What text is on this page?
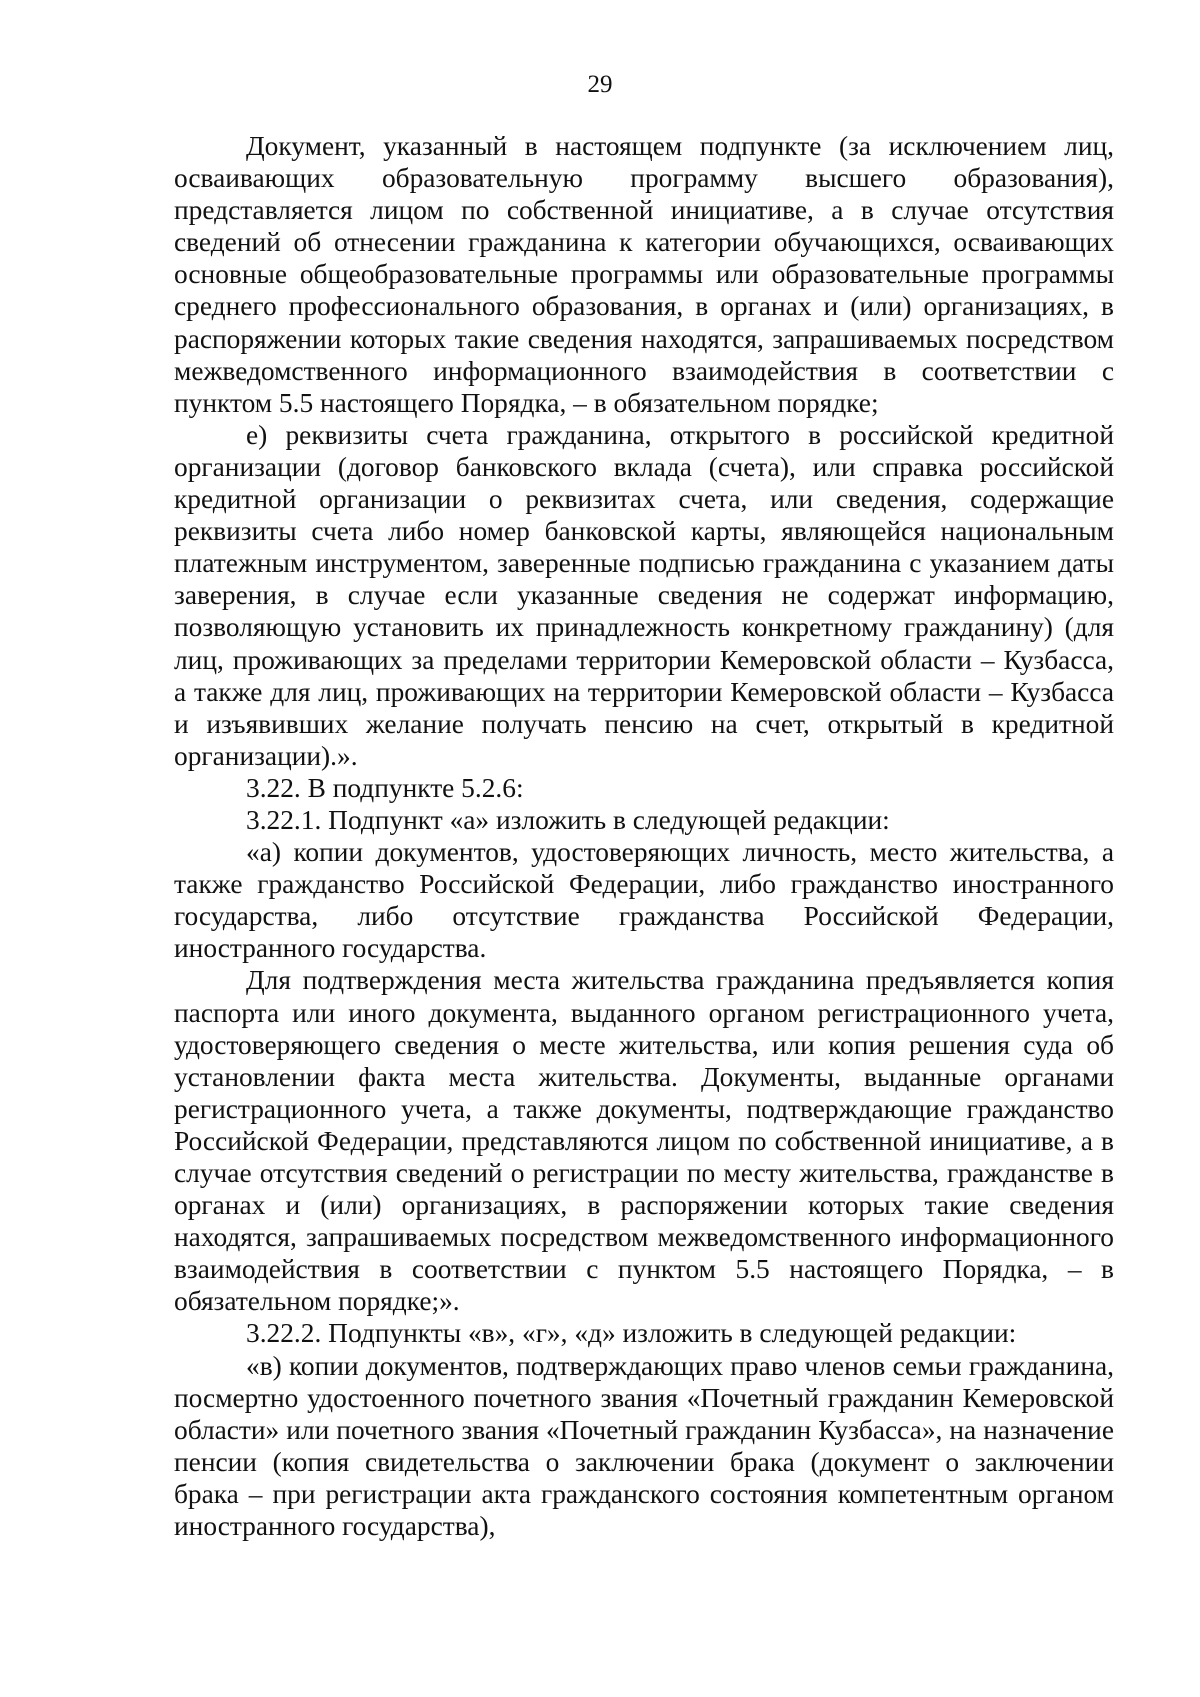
29

Документ, указанный в настоящем подпункте (за исключением лиц, осваивающих образовательную программу высшего образования), представляется лицом по собственной инициативе, а в случае отсутствия сведений об отнесении гражданина к категории обучающихся, осваивающих основные общеобразовательные программы или образовательные программы среднего профессионального образования, в органах и (или) организациях, в распоряжении которых такие сведения находятся, запрашиваемых посредством межведомственного информационного взаимодействия в соответствии с пунктом 5.5 настоящего Порядка, – в обязательном порядке;

е) реквизиты счета гражданина, открытого в российской кредитной организации (договор банковского вклада (счета), или справка российской кредитной организации о реквизитах счета, или сведения, содержащие реквизиты счета либо номер банковской карты, являющейся национальным платежным инструментом, заверенные подписью гражданина с указанием даты заверения, в случае если указанные сведения не содержат информацию, позволяющую установить их принадлежность конкретному гражданину) (для лиц, проживающих за пределами территории Кемеровской области – Кузбасса, а также для лиц, проживающих на территории Кемеровской области – Кузбасса и изъявивших желание получать пенсию на счет, открытый в кредитной организации).».

3.22. В подпункте 5.2.6:

3.22.1. Подпункт «а» изложить в следующей редакции:

«а) копии документов, удостоверяющих личность, место жительства, а также гражданство Российской Федерации, либо гражданство иностранного государства, либо отсутствие гражданства Российской Федерации, иностранного государства.

Для подтверждения места жительства гражданина предъявляется копия паспорта или иного документа, выданного органом регистрационного учета, удостоверяющего сведения о месте жительства, или копия решения суда об установлении факта места жительства. Документы, выданные органами регистрационного учета, а также документы, подтверждающие гражданство Российской Федерации, представляются лицом по собственной инициативе, а в случае отсутствия сведений о регистрации по месту жительства, гражданстве в органах и (или) организациях, в распоряжении которых такие сведения находятся, запрашиваемых посредством межведомственного информационного взаимодействия в соответствии с пунктом 5.5 настоящего Порядка, – в обязательном порядке;».

3.22.2. Подпункты «в», «г», «д» изложить в следующей редакции:

«в) копии документов, подтверждающих право членов семьи гражданина, посмертно удостоенного почетного звания «Почетный гражданин Кемеровской области» или почетного звания «Почетный гражданин Кузбасса», на назначение пенсии (копия свидетельства о заключении брака (документ о заключении брака – при регистрации акта гражданского состояния компетентным органом иностранного государства),
